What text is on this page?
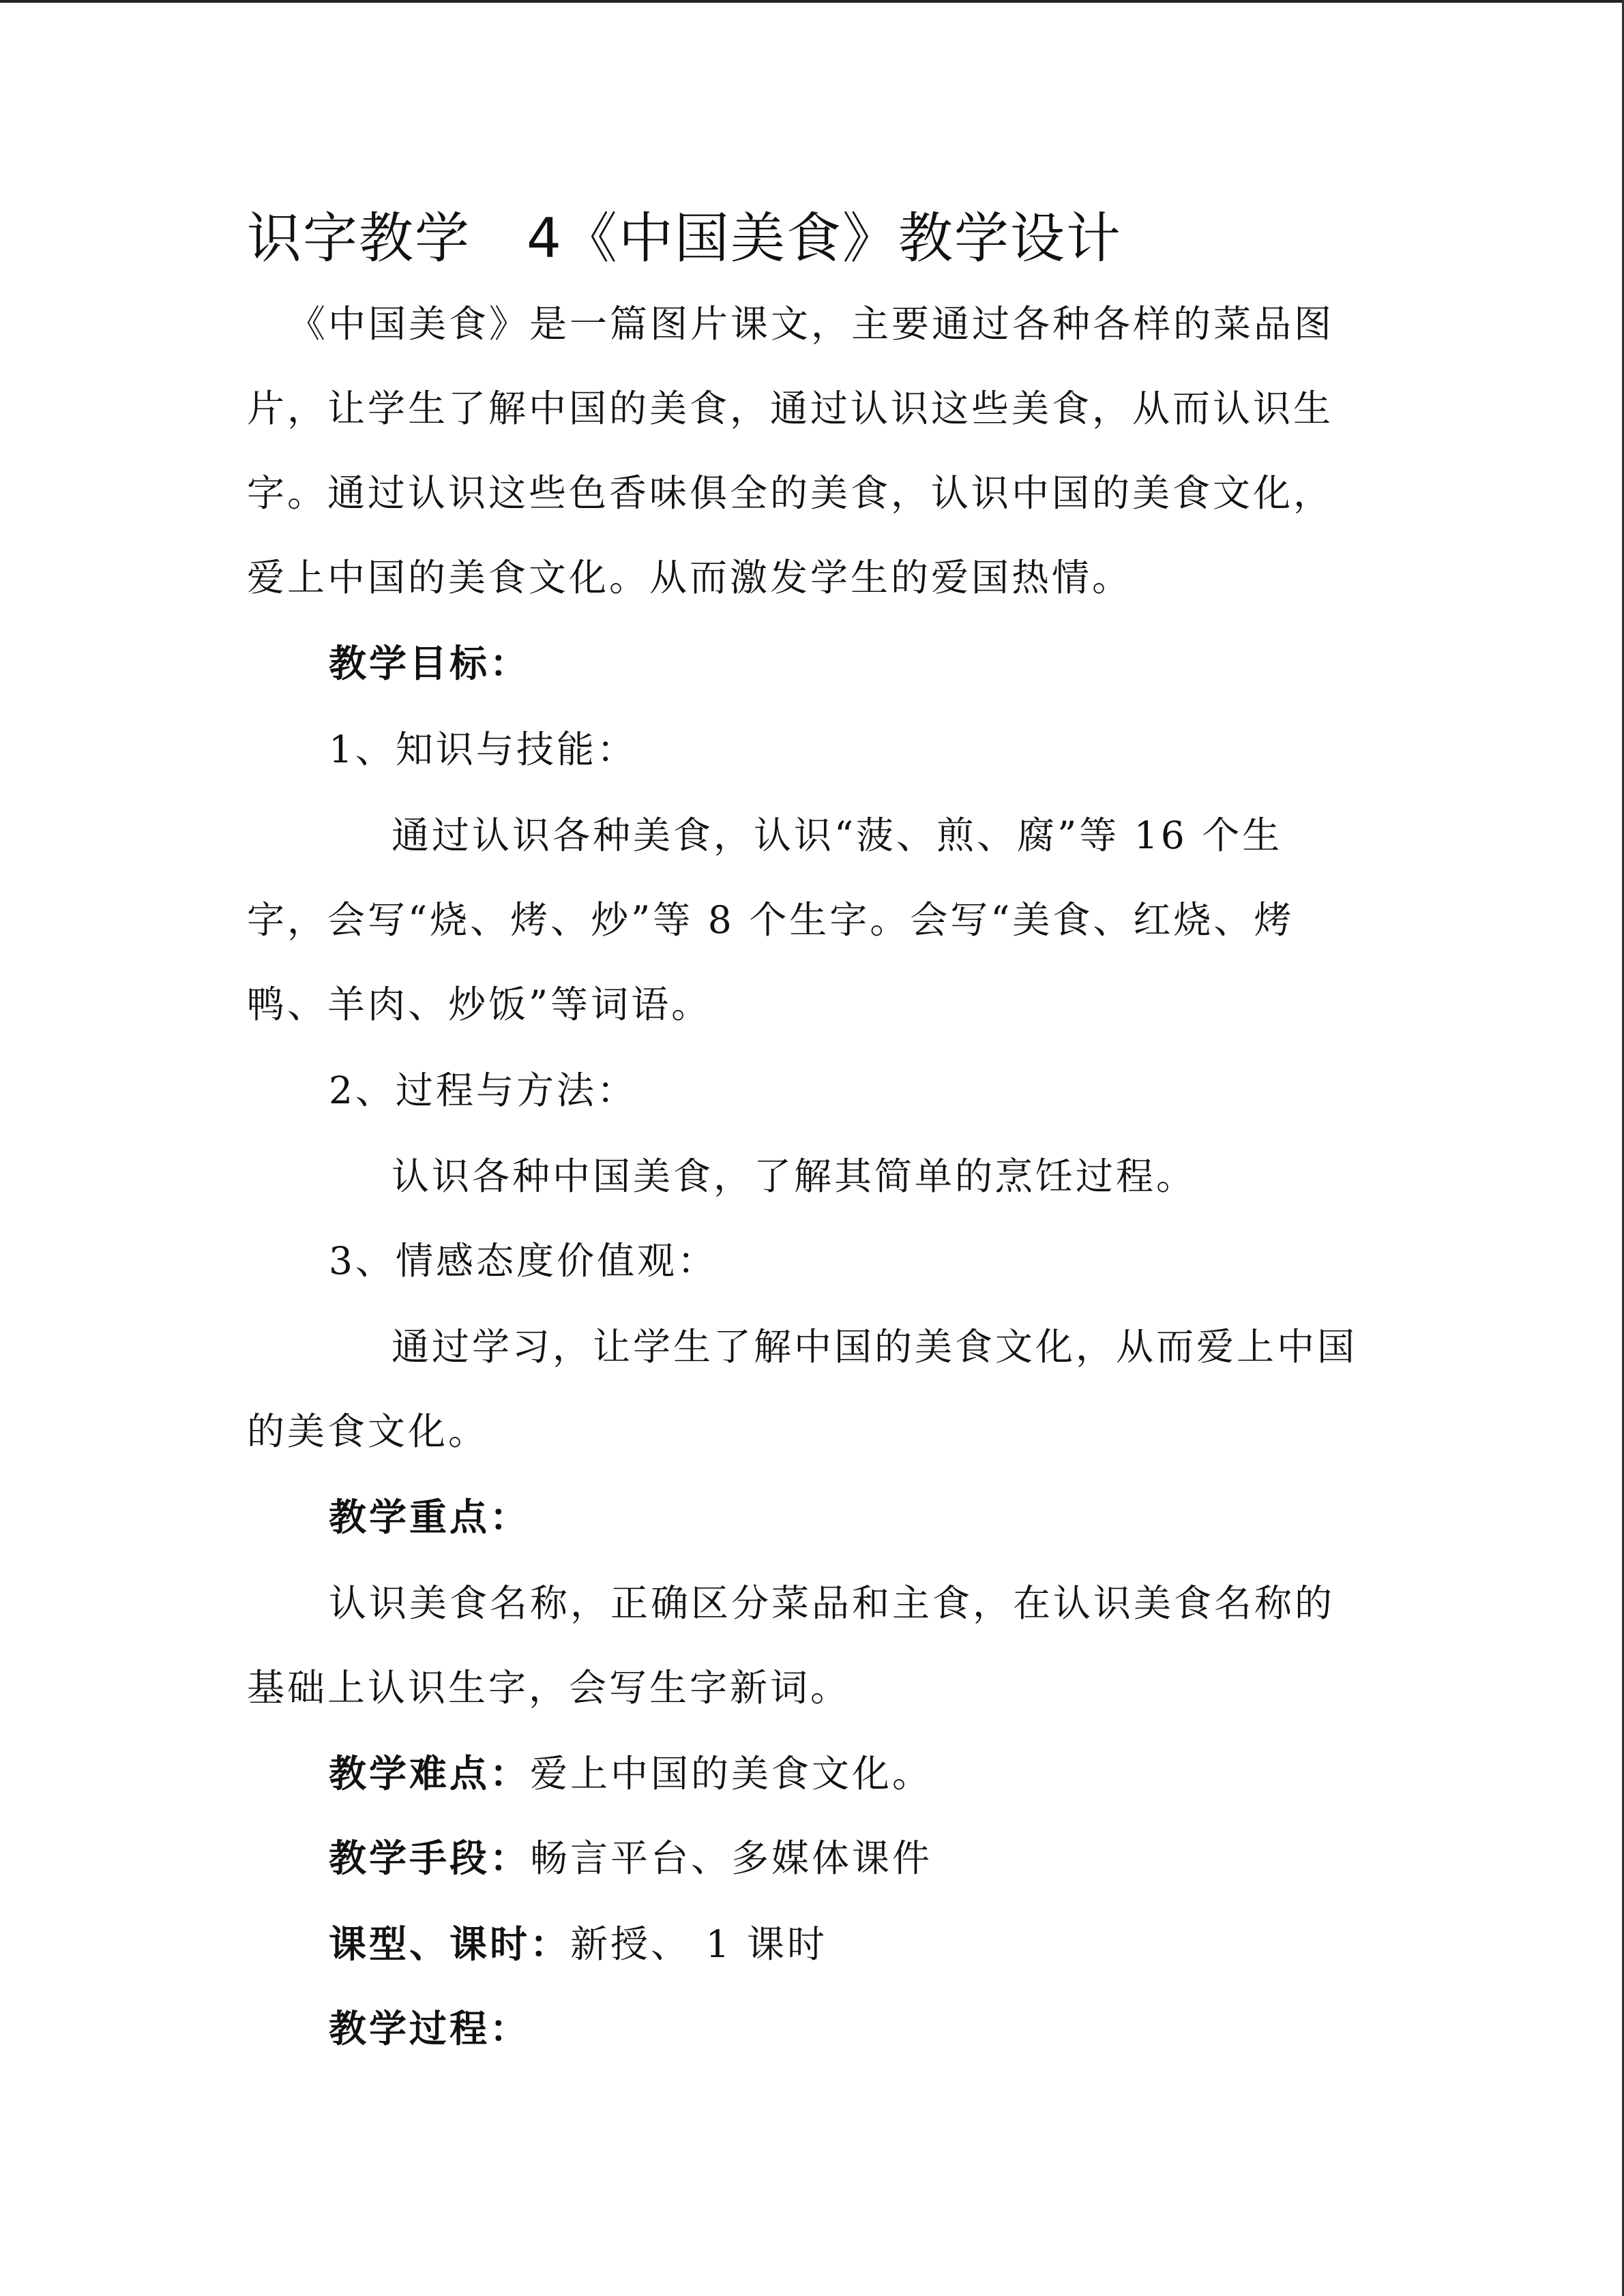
识字教学　4《中国美食》教学设计
《中国美食》是一篇图片课文，主要通过各种各样的菜品图
片，让学生了解中国的美食，通过认识这些美食，从而认识生
字。通过认识这些色香味俱全的美食，认识中国的美食文化，
爱上中国的美食文化。从而激发学生的爱国热情。
教学目标：
1、知识与技能：
通过认识各种美食，认识“菠、煎、腐”等 16 个生
字，会写“烧、烤、炒”等 8 个生字。会写“美食、红烧、烤
鸭、羊肉、炒饭”等词语。
2、过程与方法：
认识各种中国美食，了解其简单的烹饪过程。
3、情感态度价值观：
通过学习，让学生了解中国的美食文化，从而爱上中国
的美食文化。
教学重点：
认识美食名称，正确区分菜品和主食，在认识美食名称的
基础上认识生字，会写生字新词。
教学难点：爱上中国的美食文化。
教学手段：畅言平台、多媒体课件
课型、课时：新授、 1 课时
教学过程：
